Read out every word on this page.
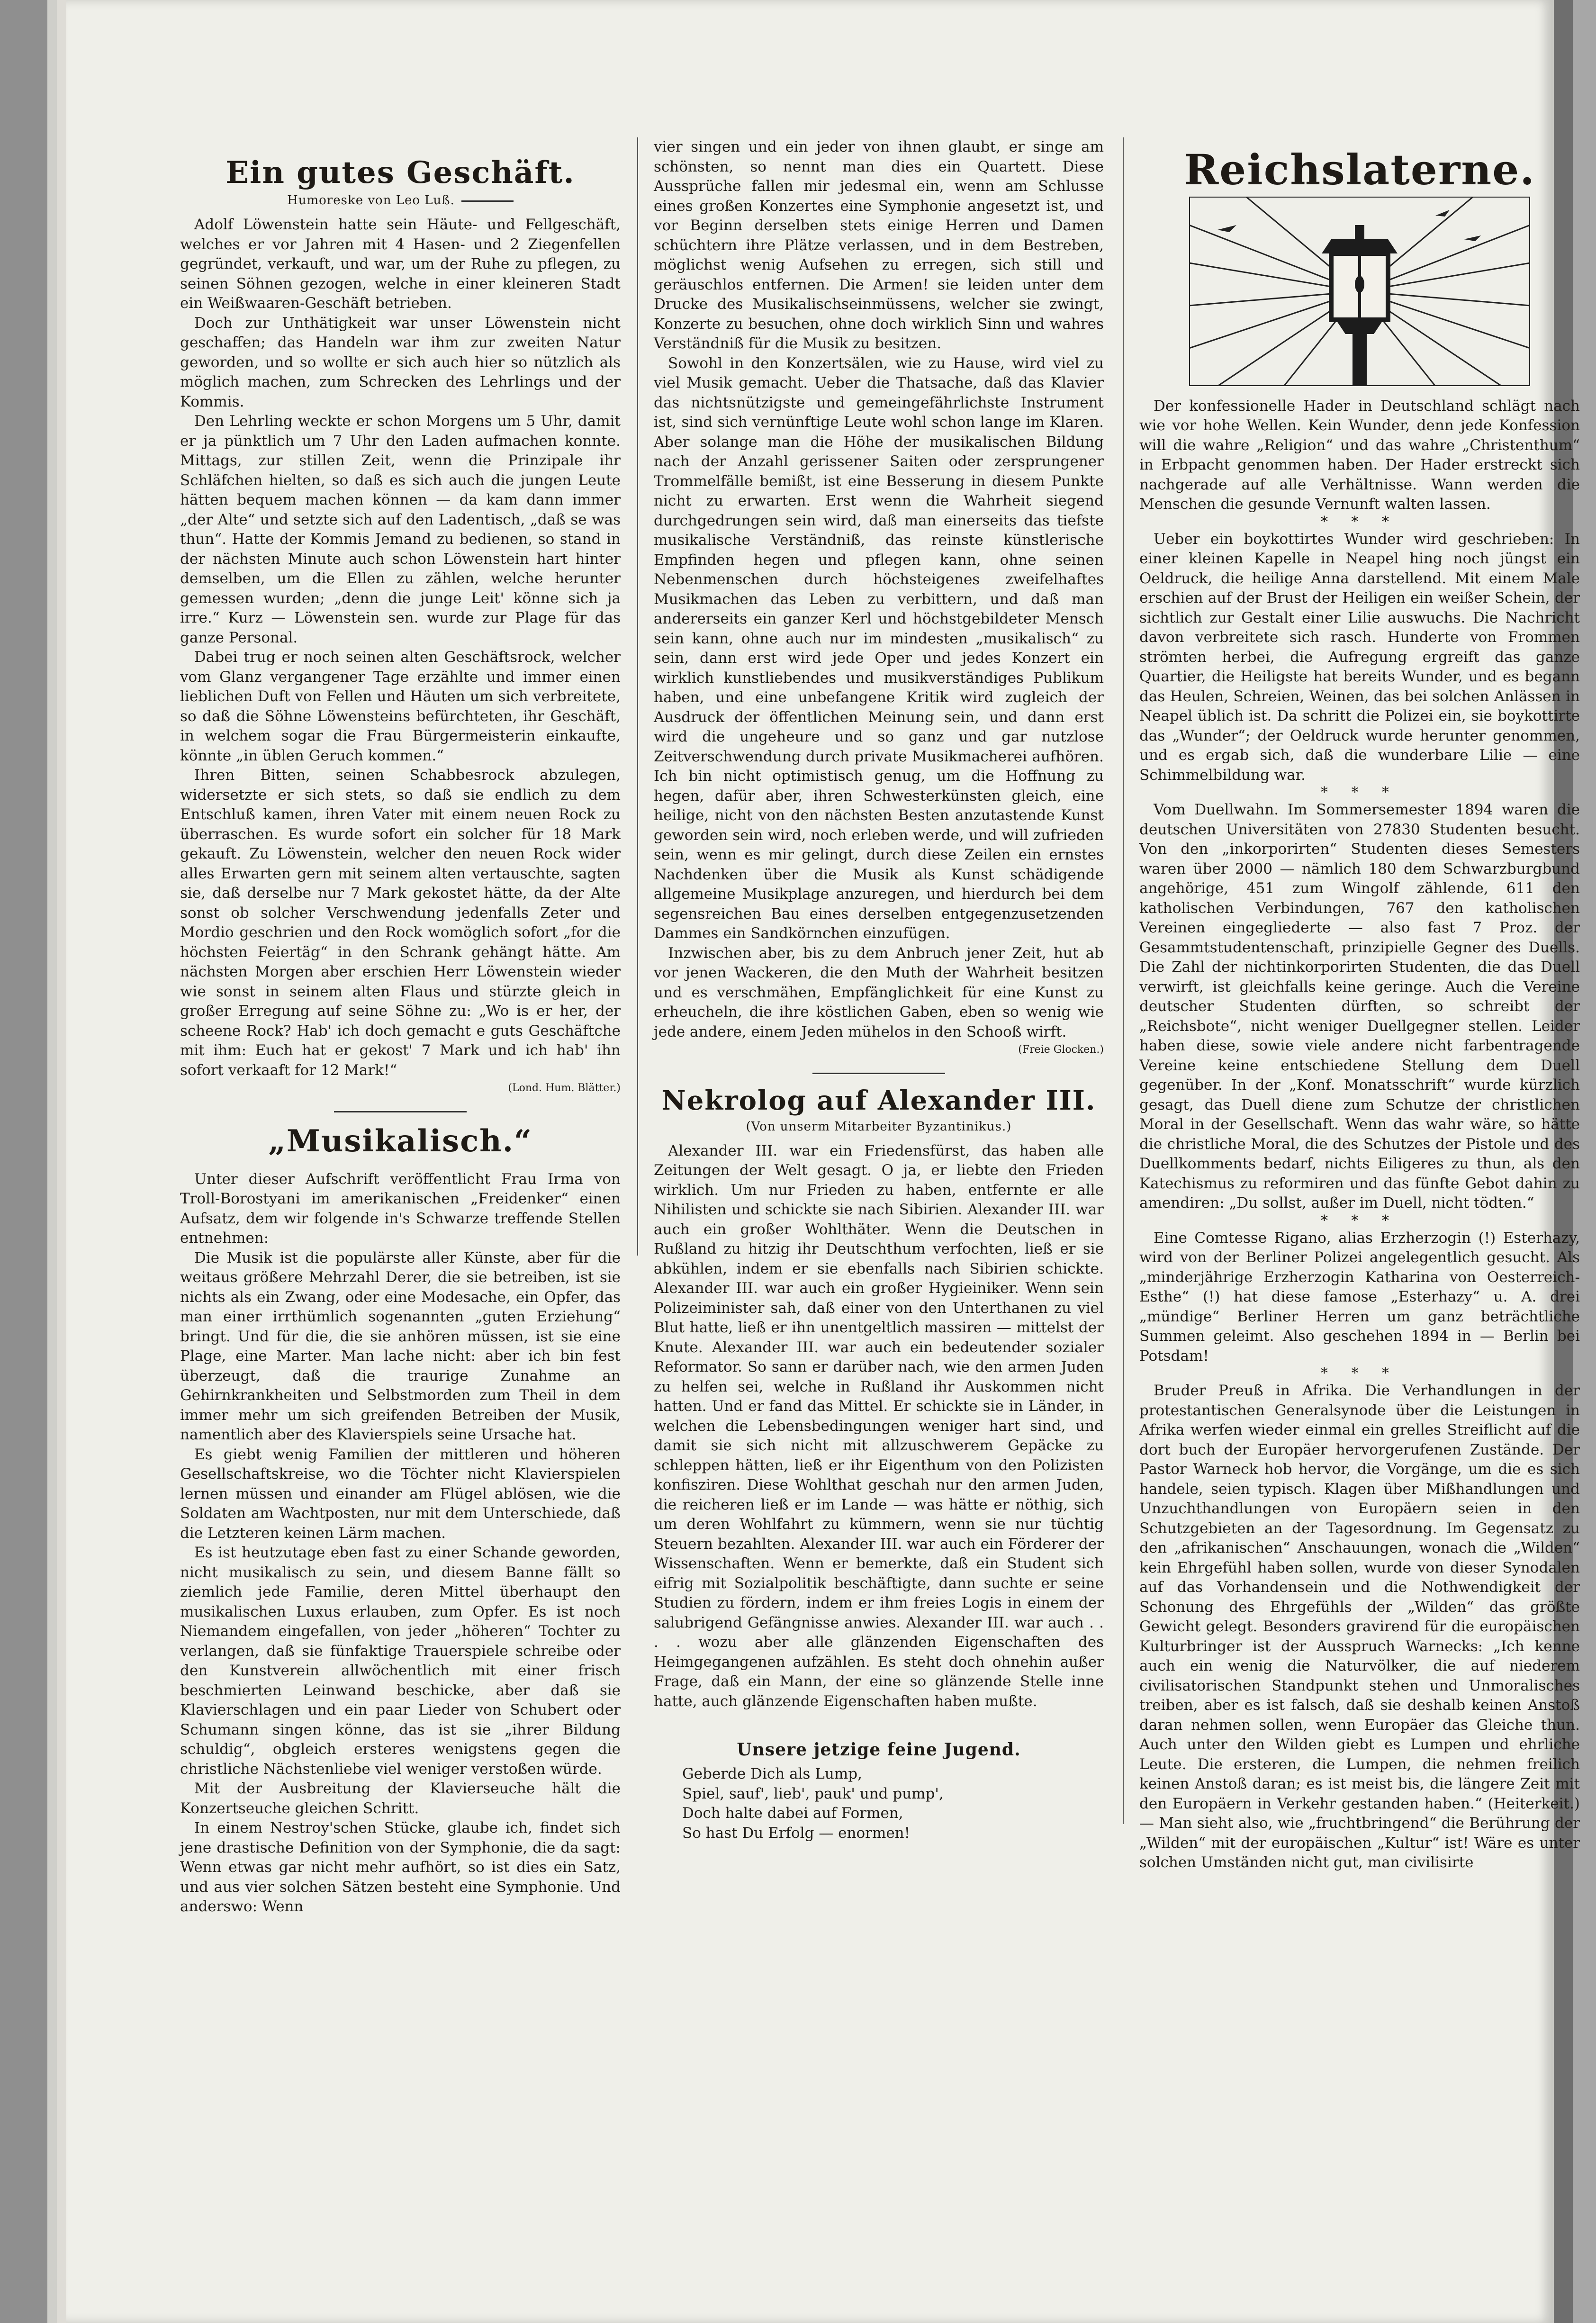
Ein gutes Geschäft.
Humoreske von Leo Luß.

Adolf Löwenstein hatte sein Häute- und Fellgeschäft, welches er vor Jahren mit 4 Hasen- und 2 Ziegenfellen gegründet, verkauft, und war, um der Ruhe zu pflegen, zu seinen Söhnen gezogen, welche in einer kleineren Stadt ein Weißwaaren-Geschäft betrieben.

Doch zur Unthätigkeit war unser Löwenstein nicht geschaffen; das Handeln war ihm zur zweiten Natur geworden, und so wollte er sich auch hier so nützlich als möglich machen, zum Schrecken des Lehrlings und der Kommis.

Den Lehrling weckte er schon Morgens um 5 Uhr, damit er ja pünktlich um 7 Uhr den Laden aufmachen konnte. Mittags, zur stillen Zeit, wenn die Prinzipale ihr Schläfchen hielten, so daß es sich auch die jungen Leute hätten bequem machen können — da kam dann immer „der Alte“ und setzte sich auf den Ladentisch, „daß se was thun“. Hatte der Kommis Jemand zu bedienen, so stand in der nächsten Minute auch schon Löwenstein hart hinter demselben, um die Ellen zu zählen, welche herunter gemessen wurden; „denn die junge Leit' könne sich ja irre.“ Kurz — Löwenstein sen. wurde zur Plage für das ganze Personal.

Dabei trug er noch seinen alten Geschäftsrock, welcher vom Glanz vergangener Tage erzählte und immer einen lieblichen Duft von Fellen und Häuten um sich verbreitete, so daß die Söhne Löwensteins befürchteten, ihr Geschäft, in welchem sogar die Frau Bürgermeisterin einkaufte, könnte „in üblen Geruch kommen.“

Ihren Bitten, seinen Schabbesrock abzulegen, widersetzte er sich stets, so daß sie endlich zu dem Entschluß kamen, ihren Vater mit einem neuen Rock zu überraschen. Es wurde sofort ein solcher für 18 Mark gekauft. Zu Löwenstein, welcher den neuen Rock wider alles Erwarten gern mit seinem alten vertauschte, sagten sie, daß derselbe nur 7 Mark gekostet hätte, da der Alte sonst ob solcher Verschwendung jedenfalls Zeter und Mordio geschrien und den Rock womöglich sofort „for die höchsten Feiertäg“ in den Schrank gehängt hätte. Am nächsten Morgen aber erschien Herr Löwenstein wieder wie sonst in seinem alten Flaus und stürzte gleich in großer Erregung auf seine Söhne zu: „Wo is er her, der scheene Rock? Hab' ich doch gemacht e guts Geschäftche mit ihm: Euch hat er gekost' 7 Mark und ich hab' ihn sofort verkaaft for 12 Mark!“

(Lond. Hum. Blätter.)
„Musikalisch.“

Unter dieser Aufschrift veröffentlicht Frau Irma von Troll-Borostyani im amerikanischen „Freidenker“ einen Aufsatz, dem wir folgende in's Schwarze treffende Stellen entnehmen:

Die Musik ist die populärste aller Künste, aber für die weitaus größere Mehrzahl Derer, die sie betreiben, ist sie nichts als ein Zwang, oder eine Modesache, ein Opfer, das man einer irrthümlich sogenannten „guten Erziehung“ bringt. Und für die, die sie anhören müssen, ist sie eine Plage, eine Marter. Man lache nicht: aber ich bin fest überzeugt, daß die traurige Zunahme an Gehirnkrankheiten und Selbstmorden zum Theil in dem immer mehr um sich greifenden Betreiben der Musik, namentlich aber des Klavierspiels seine Ursache hat.

Es giebt wenig Familien der mittleren und höheren Gesellschaftskreise, wo die Töchter nicht Klavierspielen lernen müssen und einander am Flügel ablösen, wie die Soldaten am Wachtposten, nur mit dem Unterschiede, daß die Letzteren keinen Lärm machen.

Es ist heutzutage eben fast zu einer Schande geworden, nicht musikalisch zu sein, und diesem Banne fällt so ziemlich jede Familie, deren Mittel überhaupt den musikalischen Luxus erlauben, zum Opfer. Es ist noch Niemandem eingefallen, von jeder „höheren“ Tochter zu verlangen, daß sie fünfaktige Trauerspiele schreibe oder den Kunstverein allwöchentlich mit einer frisch beschmierten Leinwand beschicke, aber daß sie Klavierschlagen und ein paar Lieder von Schubert oder Schumann singen könne, das ist sie „ihrer Bildung schuldig“, obgleich ersteres wenigstens gegen die christliche Nächstenliebe viel weniger verstoßen würde.

Mit der Ausbreitung der Klavierseuche hält die Konzertseuche gleichen Schritt.

In einem Nestroy'schen Stücke, glaube ich, findet sich jene drastische Definition von der Symphonie, die da sagt: Wenn etwas gar nicht mehr aufhört, so ist dies ein Satz, und aus vier solchen Sätzen besteht eine Symphonie. Und anderswo: Wenn

vier singen und ein jeder von ihnen glaubt, er singe am schönsten, so nennt man dies ein Quartett. Diese Aussprüche fallen mir jedesmal ein, wenn am Schlusse eines großen Konzertes eine Symphonie angesetzt ist, und vor Beginn derselben stets einige Herren und Damen schüchtern ihre Plätze verlassen, und in dem Bestreben, möglichst wenig Aufsehen zu erregen, sich still und geräuschlos entfernen. Die Armen! sie leiden unter dem Drucke des Musikalischseinmüssens, welcher sie zwingt, Konzerte zu besuchen, ohne doch wirklich Sinn und wahres Verständniß für die Musik zu besitzen.

Sowohl in den Konzertsälen, wie zu Hause, wird viel zu viel Musik gemacht. Ueber die Thatsache, daß das Klavier das nichtsnützigste und gemeingefährlichste Instrument ist, sind sich vernünftige Leute wohl schon lange im Klaren. Aber solange man die Höhe der musikalischen Bildung nach der Anzahl gerissener Saiten oder zersprungener Trommelfälle bemißt, ist eine Besserung in diesem Punkte nicht zu erwarten. Erst wenn die Wahrheit siegend durchgedrungen sein wird, daß man einerseits das tiefste musikalische Verständniß, das reinste künstlerische Empfinden hegen und pflegen kann, ohne seinen Nebenmenschen durch höchsteigenes zweifelhaftes Musikmachen das Leben zu verbittern, und daß man andererseits ein ganzer Kerl und höchstgebildeter Mensch sein kann, ohne auch nur im mindesten „musikalisch“ zu sein, dann erst wird jede Oper und jedes Konzert ein wirklich kunstliebendes und musikverständiges Publikum haben, und eine unbefangene Kritik wird zugleich der Ausdruck der öffentlichen Meinung sein, und dann erst wird die ungeheure und so ganz und gar nutzlose Zeitverschwendung durch private Musikmacherei aufhören. Ich bin nicht optimistisch genug, um die Hoffnung zu hegen, dafür aber, ihren Schwesterkünsten gleich, eine heilige, nicht von den nächsten Besten anzutastende Kunst geworden sein wird, noch erleben werde, und will zufrieden sein, wenn es mir gelingt, durch diese Zeilen ein ernstes Nachdenken über die Musik als Kunst schädigende allgemeine Musikplage anzuregen, und hierdurch bei dem segensreichen Bau eines derselben entgegenzusetzenden Dammes ein Sandkörnchen einzufügen.

Inzwischen aber, bis zu dem Anbruch jener Zeit, hut ab vor jenen Wackeren, die den Muth der Wahrheit besitzen und es verschmähen, Empfänglichkeit für eine Kunst zu erheucheln, die ihre köstlichen Gaben, eben so wenig wie jede andere, einem Jeden mühelos in den Schooß wirft.

(Freie Glocken.)
Nekrolog auf Alexander III.
(Von unserm Mitarbeiter Byzantinikus.)

Alexander III. war ein Friedensfürst, das haben alle Zeitungen der Welt gesagt. O ja, er liebte den Frieden wirklich. Um nur Frieden zu haben, entfernte er alle Nihilisten und schickte sie nach Sibirien. Alexander III. war auch ein großer Wohlthäter. Wenn die Deutschen in Rußland zu hitzig ihr Deutschthum verfochten, ließ er sie abkühlen, indem er sie ebenfalls nach Sibirien schickte. Alexander III. war auch ein großer Hygieiniker. Wenn sein Polizeiminister sah, daß einer von den Unterthanen zu viel Blut hatte, ließ er ihn unentgeltlich massiren — mittelst der Knute. Alexander III. war auch ein bedeutender sozialer Reformator. So sann er darüber nach, wie den armen Juden zu helfen sei, welche in Rußland ihr Auskommen nicht hatten. Und er fand das Mittel. Er schickte sie in Länder, in welchen die Lebensbedingungen weniger hart sind, und damit sie sich nicht mit allzuschwerem Gepäcke zu schleppen hätten, ließ er ihr Eigenthum von den Polizisten konfisziren. Diese Wohlthat geschah nur den armen Juden, die reicheren ließ er im Lande — was hätte er nöthig, sich um deren Wohlfahrt zu kümmern, wenn sie nur tüchtig Steuern bezahlten. Alexander III. war auch ein Förderer der Wissenschaften. Wenn er bemerkte, daß ein Student sich eifrig mit Sozialpolitik beschäftigte, dann suchte er seine Studien zu fördern, indem er ihm freies Logis in einem der salubrigend Gefängnisse anwies. Alexander III. war auch . . . . wozu aber alle glänzenden Eigenschaften des Heimgegangenen aufzählen. Es steht doch ohnehin außer Frage, daß ein Mann, der eine so glänzende Stelle inne hatte, auch glänzende Eigenschaften haben mußte.

Unsere jetzige feine Jugend.

Geberde Dich als Lump,

Spiel, sauf', lieb', pauk' und pump',

Doch halte dabei auf Formen,

So hast Du Erfolg — enormen!

Reichslaterne.

Der konfessionelle Hader in Deutschland schlägt nach wie vor hohe Wellen. Kein Wunder, denn jede Konfession will die wahre „Religion“ und das wahre „Christenthum“ in Erbpacht genommen haben. Der Hader erstreckt sich nachgerade auf alle Verhältnisse. Wann werden die Menschen die gesunde Vernunft walten lassen.

* * *

Ueber ein boykottirtes Wunder wird geschrieben: In einer kleinen Kapelle in Neapel hing noch jüngst ein Oeldruck, die heilige Anna darstellend. Mit einem Male erschien auf der Brust der Heiligen ein weißer Schein, der sichtlich zur Gestalt einer Lilie auswuchs. Die Nachricht davon verbreitete sich rasch. Hunderte von Frommen strömten herbei, die Aufregung ergreift das ganze Quartier, die Heiligste hat bereits Wunder, und es begann das Heulen, Schreien, Weinen, das bei solchen Anlässen in Neapel üblich ist. Da schritt die Polizei ein, sie boykottirte das „Wunder“; der Oeldruck wurde herunter genommen, und es ergab sich, daß die wunderbare Lilie — eine Schimmelbildung war.

* * *

Vom Duellwahn. Im Sommersemester 1894 waren die deutschen Universitäten von 27830 Studenten besucht. Von den „inkorporirten“ Studenten dieses Semesters waren über 2000 — nämlich 180 dem Schwarzburgbund angehörige, 451 zum Wingolf zählende, 611 den katholischen Verbindungen, 767 den katholischen Vereinen eingegliederte — also fast 7 Proz. der Gesammtstudentenschaft, prinzipielle Gegner des Duells. Die Zahl der nichtinkorporirten Studenten, die das Duell verwirft, ist gleichfalls keine geringe. Auch die Vereine deutscher Studenten dürften, so schreibt der „Reichsbote“, nicht weniger Duellgegner stellen. Leider haben diese, sowie viele andere nicht farbentragende Vereine keine entschiedene Stellung dem Duell gegenüber. In der „Konf. Monatsschrift“ wurde kürzlich gesagt, das Duell diene zum Schutze der christlichen Moral in der Gesellschaft. Wenn das wahr wäre, so hätte die christliche Moral, die des Schutzes der Pistole und des Duellkomments bedarf, nichts Eiligeres zu thun, als den Katechismus zu reformiren und das fünfte Gebot dahin zu amendiren: „Du sollst, außer im Duell, nicht tödten.“

* * *

Eine Comtesse Rigano, alias Erzherzogin (!) Esterhazy, wird von der Berliner Polizei angelegentlich gesucht. Als „minderjährige Erzherzogin Katharina von Oesterreich-Esthe“ (!) hat diese famose „Esterhazy“ u. A. drei „mündige“ Berliner Herren um ganz beträchtliche Summen geleimt. Also geschehen 1894 in — Berlin bei Potsdam!

* * *

Bruder Preuß in Afrika. Die Verhandlungen in der protestantischen Generalsynode über die Leistungen in Afrika werfen wieder einmal ein grelles Streiflicht auf die dort buch der Europäer hervorgerufenen Zustände. Der Pastor Warneck hob hervor, die Vorgänge, um die es sich handele, seien typisch. Klagen über Mißhandlungen und Unzuchthandlungen von Europäern seien in den Schutzgebieten an der Tagesordnung. Im Gegensatz zu den „afrikanischen“ Anschauungen, wonach die „Wilden“ kein Ehrgefühl haben sollen, wurde von dieser Synodalen auf das Vorhandensein und die Nothwendigkeit der Schonung des Ehrgefühls der „Wilden“ das größte Gewicht gelegt. Besonders gravirend für die europäischen Kulturbringer ist der Ausspruch Warnecks: „Ich kenne auch ein wenig die Naturvölker, die auf niederem civilisatorischen Standpunkt stehen und Unmoralisches treiben, aber es ist falsch, daß sie deshalb keinen Anstoß daran nehmen sollen, wenn Europäer das Gleiche thun. Auch unter den Wilden giebt es Lumpen und ehrliche Leute. Die ersteren, die Lumpen, die nehmen freilich keinen Anstoß daran; es ist meist bis, die längere Zeit mit den Europäern in Verkehr gestanden haben.“ (Heiterkeit.) — Man sieht also, wie „fruchtbringend“ die Berührung der „Wilden“ mit der europäischen „Kultur“ ist! Wäre es unter solchen Umständen nicht gut, man civilisirte
